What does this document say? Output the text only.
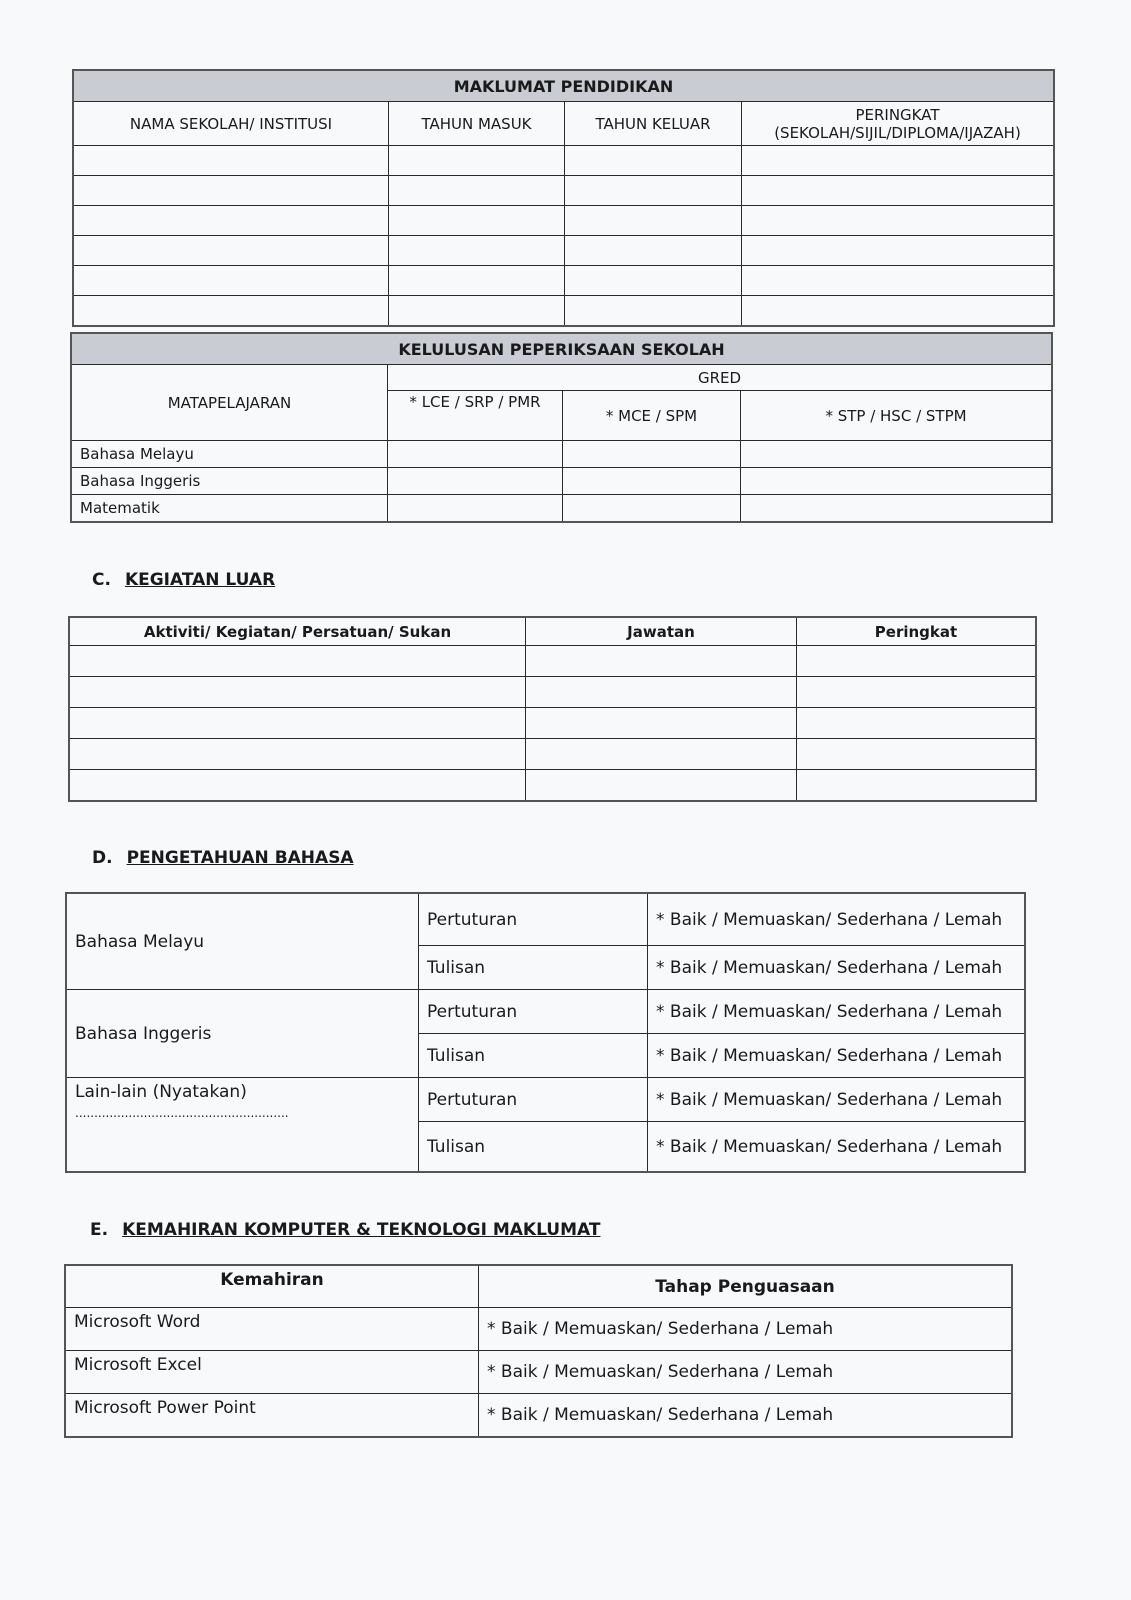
MAKLUMAT PENDIDIKAN			
NAMA SEKOLAH/ INSTITUSI	TAHUN MASUK	TAHUN KELUAR	PERINGKAT
(SEKOLAH/SIJIL/DIPLOMA/IJAZAH)

KELULUSAN PEPERIKSAAN SEKOLAH			
MATAPELAJARAN	GRED		
	* LCE / SRP / PMR	* MCE / SPM	* STP / HSC / STPM
Bahasa Melayu			
Bahasa Inggeris			
Matematik			
C. KEGIATAN LUAR
Aktiviti/ Kegiatan/ Persatuan/ Sukan	Jawatan	Peringkat

D. PENGETAHUAN BAHASA
Bahasa Melayu	Pertuturan	* Baik / Memuaskan/ Sederhana / Lemah
	Tulisan	* Baik / Memuaskan/ Sederhana / Lemah
Bahasa Inggeris	Pertuturan	* Baik / Memuaskan/ Sederhana / Lemah
	Tulisan	* Baik / Memuaskan/ Sederhana / Lemah

Lain-lain (Nyatakan)
........................................................	Pertuturan	* Baik / Memuaskan/ Sederhana / Lemah
	Tulisan	* Baik / Memuaskan/ Sederhana / Lemah
E. KEMAHIRAN KOMPUTER & TEKNOLOGI MAKLUMAT
Kemahiran	Tahap Penguasaan
Microsoft Word	* Baik / Memuaskan/ Sederhana / Lemah
Microsoft Excel	* Baik / Memuaskan/ Sederhana / Lemah
Microsoft Power Point	* Baik / Memuaskan/ Sederhana / Lemah
